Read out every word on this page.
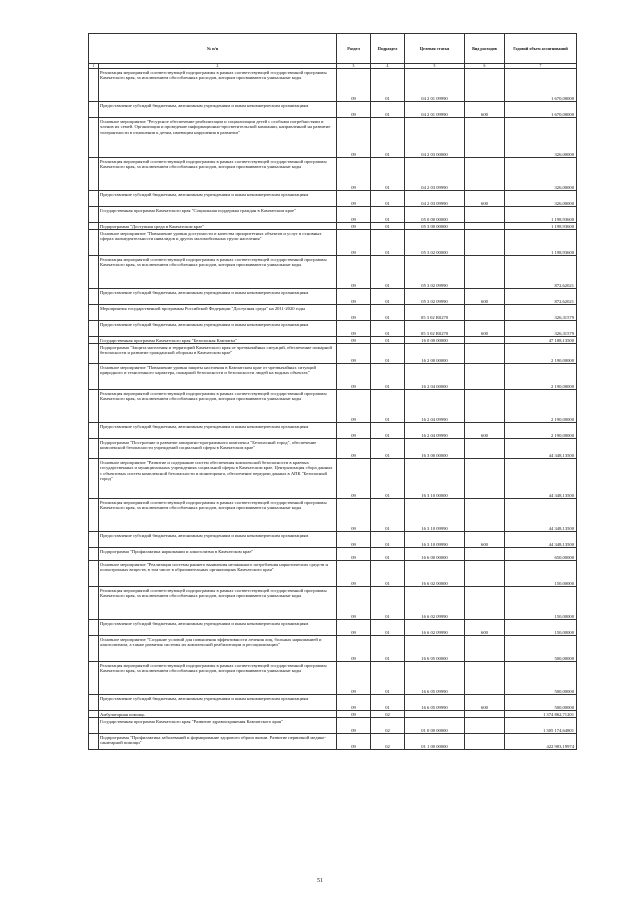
№ п/п		Раздел	Подраздел	Целевая статья	Вид расходов	Годовой объем ассигнований
1	2	3	4	5	6	7
	Реализация мероприятий соответствующей подпрограммы в рамках соответствующей государственной программы Камчатского края, за исключением обособленных расходов, которым присваиваются уникальные коды	09	01	04 2 01 09990		1 670,00000
	Предоставление субсидий бюджетным, автономным учреждениям и иным некоммерческим организациям	09	01	04 2 01 09990	600	1 670,00000
	Основное мероприятие "Ресурсное обеспечение реабилитации и социализации детей с особыми потребностями и членов их семей. Организация и проведение информационно-просветительской кампании, направленной на развитие толерантности в отношении к детям, имеющим нарушения в развитии"	09	01	04 2 03 00000		326,00000
	Реализация мероприятий соответствующей подпрограммы в рамках соответствующей государственной программы Камчатского края, за исключением обособленных расходов, которым присваиваются уникальные коды	09	01	04 2 03 09990		326,00000
	Предоставление субсидий бюджетным, автономным учреждениям и иным некоммерческим организациям	09	01	04 2 03 09990	600	326,00000
	Государственная программа Камчатского края "Социальная поддержка граждан в Камчатском крае"	09	01	05 0 00 00000		1 198,93600
	Подпрограмма "Доступная среда в Камчатском крае"	09	01	05 3 00 00000		1 198,93600
	Основное мероприятие "Повышение уровня доступности и качества приоритетных объектов и услуг в основных сферах жизнедеятельности инвалидов и других маломобильных групп населения"	09	01	05 3 02 00000		1 198,93600
	Реализация мероприятий соответствующей подпрограммы в рамках соответствующей государственной программы Камчатского края, за исключением обособленных расходов, которым присваиваются уникальные коды	09	01	05 3 02 09990		872,62021
	Предоставление субсидий бюджетным, автономным учреждениям и иным некоммерческим организациям	09	01	05 3 02 09990	600	872,62021
	Мероприятия государственной программы Российской Федерации "Доступная среда" на 2011-2020 годы	09	01	05 3 02 R0270		326,31579
	Предоставление субсидий бюджетным, автономным учреждениям и иным некоммерческим организациям	09	01	05 3 02 R0270	600	326,31579
	Государственная программа Камчатского края "Безопасная Камчатка"	09	01	16 0 00 00000		47 188,13500
	Подпрограмма "Защита населения и территорий Камчатского края от чрезвычайных ситуаций, обеспечение пожарной безопасности и развитие гражданской обороны в Камчатском крае"	09	01	16 2 00 00000		2 190,00000
	Основное мероприятие "Повышение уровня защиты населения в Камчатском крае от чрезвычайных ситуаций природного и техногенного характера, пожарной безопасности и безопасности людей на водных объектах"	09	01	16 2 04 00000		2 190,00000
	Реализация мероприятий соответствующей подпрограммы в рамках соответствующей государственной программы Камчатского края, за исключением обособленных расходов, которым присваиваются уникальные коды	09	01	16 2 04 09990		2 190,00000
	Предоставление субсидий бюджетным, автономным учреждениям и иным некоммерческим организациям	09	01	16 2 04 09990	600	2 190,00000
	Подпрограмма "Построение и развитие аппаратно-программного комплекса "Безопасный город", обеспечение комплексной безопасности учреждений социальной сферы в Камчатском крае"	09	01	16 3 00 00000		44 348,13500
	Основное мероприятие "Развитие и содержание систем обеспечения комплексной безопасности в краевых государственных и муниципальных учреждениях социальной сферы в Камчатском крае. Централизация сбора данных с объектовых систем комплексной безопасности и мониторинга, обеспечение передачи данных в АПК "Безопасный город"	09	01	16 3 10 00000		44 348,13500
	Реализация мероприятий соответствующей подпрограммы в рамках соответствующей государственной программы Камчатского края, за исключением обособленных расходов, которым присваиваются уникальные коды	09	01	16 3 10 09990		44 348,13500
	Предоставление субсидий бюджетным, автономным учреждениям и иным некоммерческим организациям	09	01	16 3 10 09990	600	44 348,13500
	Подпрограмма "Профилактика наркомании и алкоголизма в Камчатском крае"	09	01	16 6 00 00000		650,00000
	Основное мероприятие "Реализация системы раннего выявления незаконного потребления наркотических средств и психотропных веществ, в том числе в образовательных организациях Камчатского края"	09	01	16 6 02 00000		150,00000
	Реализация мероприятий соответствующей подпрограммы в рамках соответствующей государственной программы Камчатского края, за исключением обособленных расходов, которым присваиваются уникальные коды	09	01	16 6 02 09990		150,00000
	Предоставление субсидий бюджетным, автономным учреждениям и иным некоммерческим организациям	09	01	16 6 02 09990	600	150,00000
	Основное мероприятие "Создание условий для повышения эффективности лечения лиц, больных наркоманией и алкоголизмом, а также развития системы их комплексной реабилитации и ресоциализации"	09	01	16 6 05 00000		500,00000
	Реализация мероприятий соответствующей подпрограммы в рамках соответствующей государственной программы Камчатского края, за исключением обособленных расходов, которым присваиваются уникальные коды	09	01	16 6 05 09990		500,00000
	Предоставление субсидий бюджетным, автономным учреждениям и иным некоммерческим организациям	09	01	16 6 05 09990	600	500,00000
	Амбулаторная помощь	09	02			1 374 862,71201
	Государственная программа Камчатского края "Развитие здравоохранения Камчатского края"	09	02	01 0 00 00000		1 305 174,64801
	Подпрограмма "Профилактика заболеваний и формирование здорового образа жизни. Развитие первичной медико-санитарной помощи"	09	02	01 1 00 00000		422 983,19974
51
